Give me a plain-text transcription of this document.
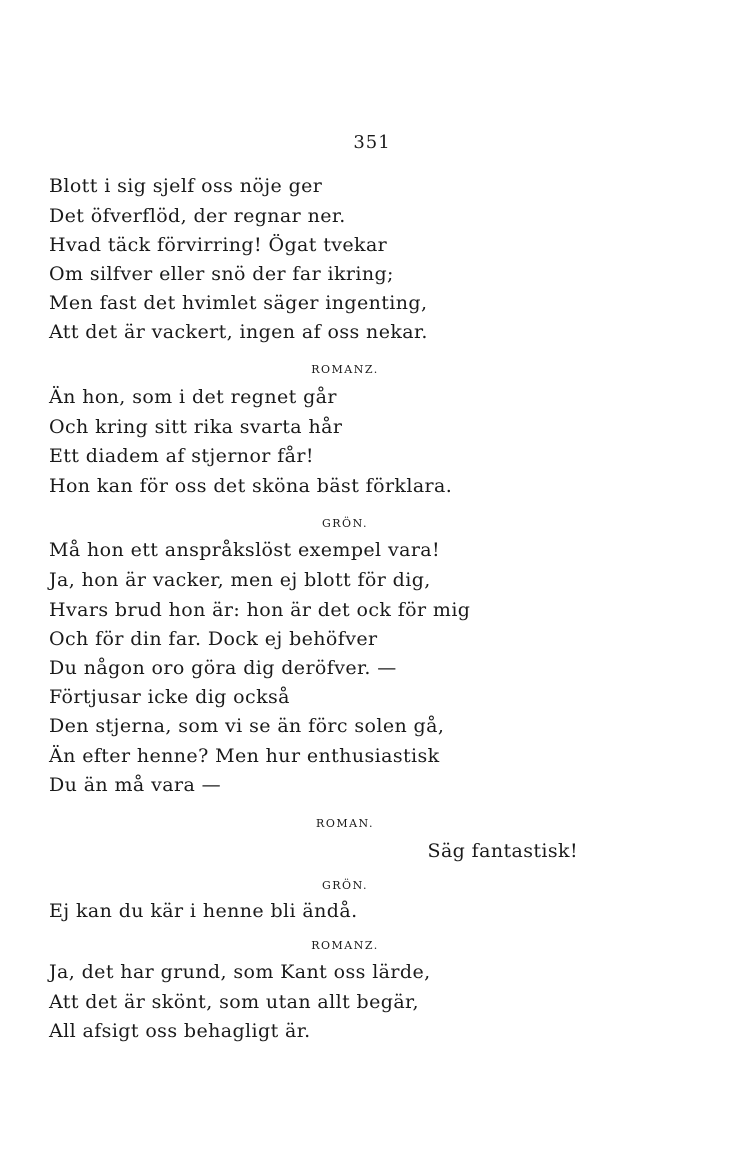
351
Blott i sig sjelf oss nöje ger
Det öfverflöd, der regnar ner.
Hvad täck förvirring! Ögat tvekar
Om silfver eller snö der far ikring;
Men fast det hvimlet säger ingenting,
Att det är vackert, ingen af oss nekar.
ROMANZ.
Än hon, som i det regnet går
Och kring sitt rika svarta hår
Ett diadem af stjernor får!
Hon kan för oss det sköna bäst förklara.
GRÖN.
Må hon ett anspråkslöst exempel vara!
Ja, hon är vacker, men ej blott för dig,
Hvars brud hon är: hon är det ock för mig
Och för din far. Dock ej behöfver
Du någon oro göra dig deröfver. —
Förtjusar icke dig också
Den stjerna, som vi se än förc solen gå,
Än efter henne? Men hur enthusiastisk
Du än må vara —
ROMAN.
Säg fantastisk!
GRÖN.
Ej kan du kär i henne bli ändå.
ROMANZ.
Ja, det har grund, som Kant oss lärde,
Att det är skönt, som utan allt begär,
All afsigt oss behagligt är.
